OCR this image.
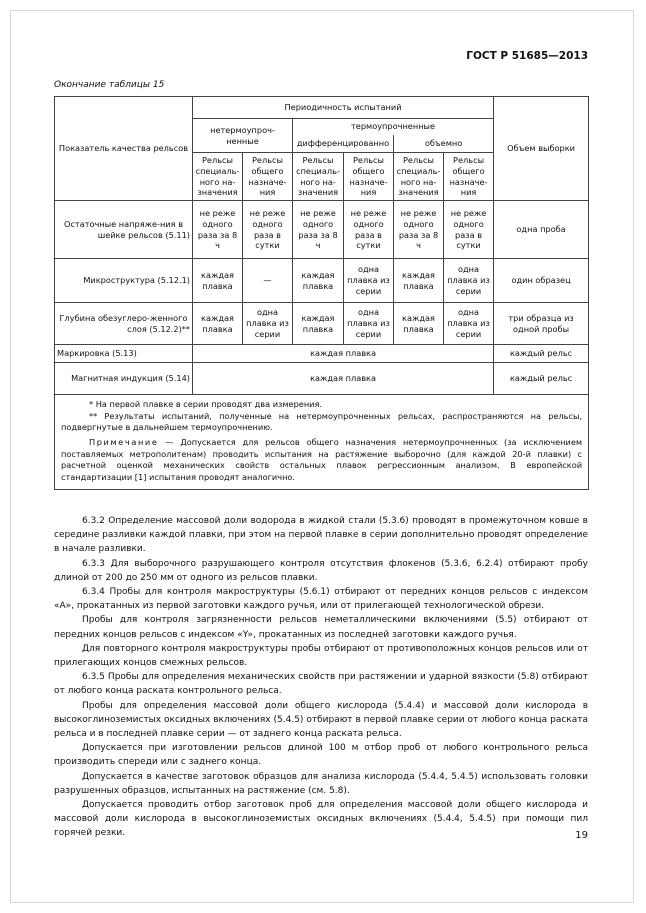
ГОСТ Р 51685—2013
Окончание таблицы 15
Показатель качества рельсов	Периодичность испытаний						Объем выборки
	нетермоупроч-ненные		термоупрочненные				
			дифференцированно		объемно		
	Рельсы специаль-ного на-значения	Рельсы общего назначе-ния	Рельсы специаль-ного на-значения	Рельсы общего назначе-ния	Рельсы специаль-ного на-значения	Рельсы общего назначе-ния	
Остаточные напряже-ния в шейке рельсов (5.11)	не реже одного раза за 8 ч	не реже одного раза в сутки	не реже одного раза за 8 ч	не реже одного раза в сутки	не реже одного раза за 8 ч	не реже одного раза в сутки	одна проба
Микроструктура (5.12.1)	каждая плавка	—	каждая плавка	одна плавка из серии	каждая плавка	одна плавка из серии	один образец
Глубина обезуглеро-женного слоя (5.12.2)**	каждая плавка	одна плавка из серии	каждая плавка	одна плавка из серии	каждая плавка	одна плавка из серии	три образца из одной пробы
Маркировка (5.13)	каждая плавка						каждый рельс
Магнитная индукция (5.14)	каждая плавка						каждый рельс

* На первой плавке в серии проводят два измерения.

** Результаты испытаний, полученные на нетермоупрочненных рельсах, распространяются на рельсы, подвергнутые в дальнейшем термоупрочнению.

Примечание — Допускается для рельсов общего назначения нетермоупрочненных (за исключением поставляемых метрополитенам) проводить испытания на растяжение выборочно (для каждой 20-й плавки) с расчетной оценкой механических свойств остальных плавок регрессионным анализом. В европейской стандартизации [1] испытания проводят аналогично.							

6.3.2 Определение массовой доли водорода в жидкой стали (5.3.6) проводят в промежуточном ковше в середине разливки каждой плавки, при этом на первой плавке в серии дополнительно проводят определение в начале разливки.

6.3.3 Для выборочного разрушающего контроля отсутствия флокенов (5.3.6, 6.2.4) отбирают пробу длиной от 200 до 250 мм от одного из рельсов плавки.

6.3.4 Пробы для контроля макроструктуры (5.6.1) отбирают от передних концов рельсов с индексом «А», прокатанных из первой заготовки каждого ручья, или от прилегающей технологической обрези.

Пробы для контроля загрязненности рельсов неметаллическими включениями (5.5) отбирают от передних концов рельсов с индексом «Y», прокатанных из последней заготовки каждого ручья.

Для повторного контроля макроструктуры пробы отбирают от противоположных концов рельсов или от прилегающих концов смежных рельсов.

6.3.5 Пробы для определения механических свойств при растяжении и ударной вязкости (5.8) отбирают от любого конца раската контрольного рельса.

Пробы для определения массовой доли общего кислорода (5.4.4) и массовой доли кислорода в высокоглиноземистых оксидных включениях (5.4.5) отбирают в первой плавке серии от любого конца раската рельса и в последней плавке серии — от заднего конца раската рельса.

Допускается при изготовлении рельсов длиной 100 м отбор проб от любого контрольного рельса производить спереди или с заднего конца.

Допускается в качестве заготовок образцов для анализа кислорода (5.4.4, 5.4.5) использовать головки разрушенных образцов, испытанных на растяжение (см. 5.8).

Допускается проводить отбор заготовок проб для определения массовой доли общего кислорода и массовой доли кислорода в высокоглиноземистых оксидных включениях (5.4.4, 5.4.5) при помощи пил горячей резки.	19
